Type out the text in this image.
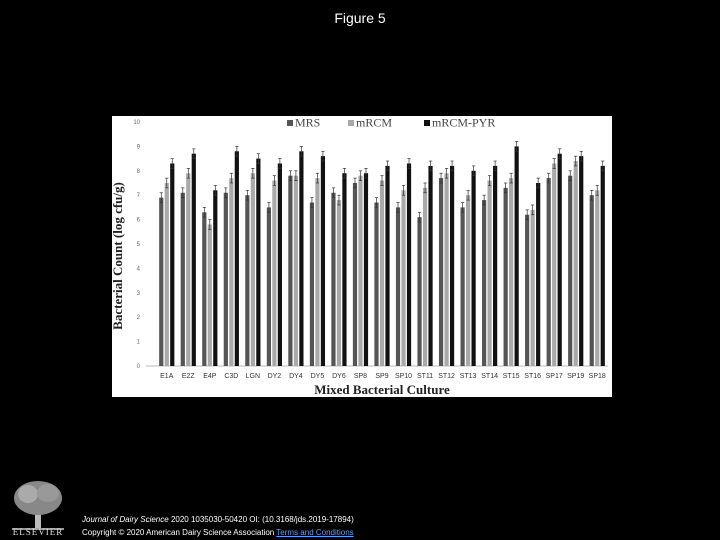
Figure 5
0
1
2
3
4
5
6
7
8
9
10
E1A E2Z E4P C3D LGN DY2 DY4 DY5 DY6 SP8 SP9 SP10 ST11 ST12 ST13 ST14 ST15 ST16 SP17 SP19 SP18
MRS	mRCM	mRCM-PYR
Bacterial Count (log cfu/g)
Mixed Bacterial Culture
ELSEVIER
Journal of Dairy Science 2020 1035030-50420 OI: (10.3168/jds.2019-17894)
Copyright © 2020 American Dairy Science Association Terms and Conditions
